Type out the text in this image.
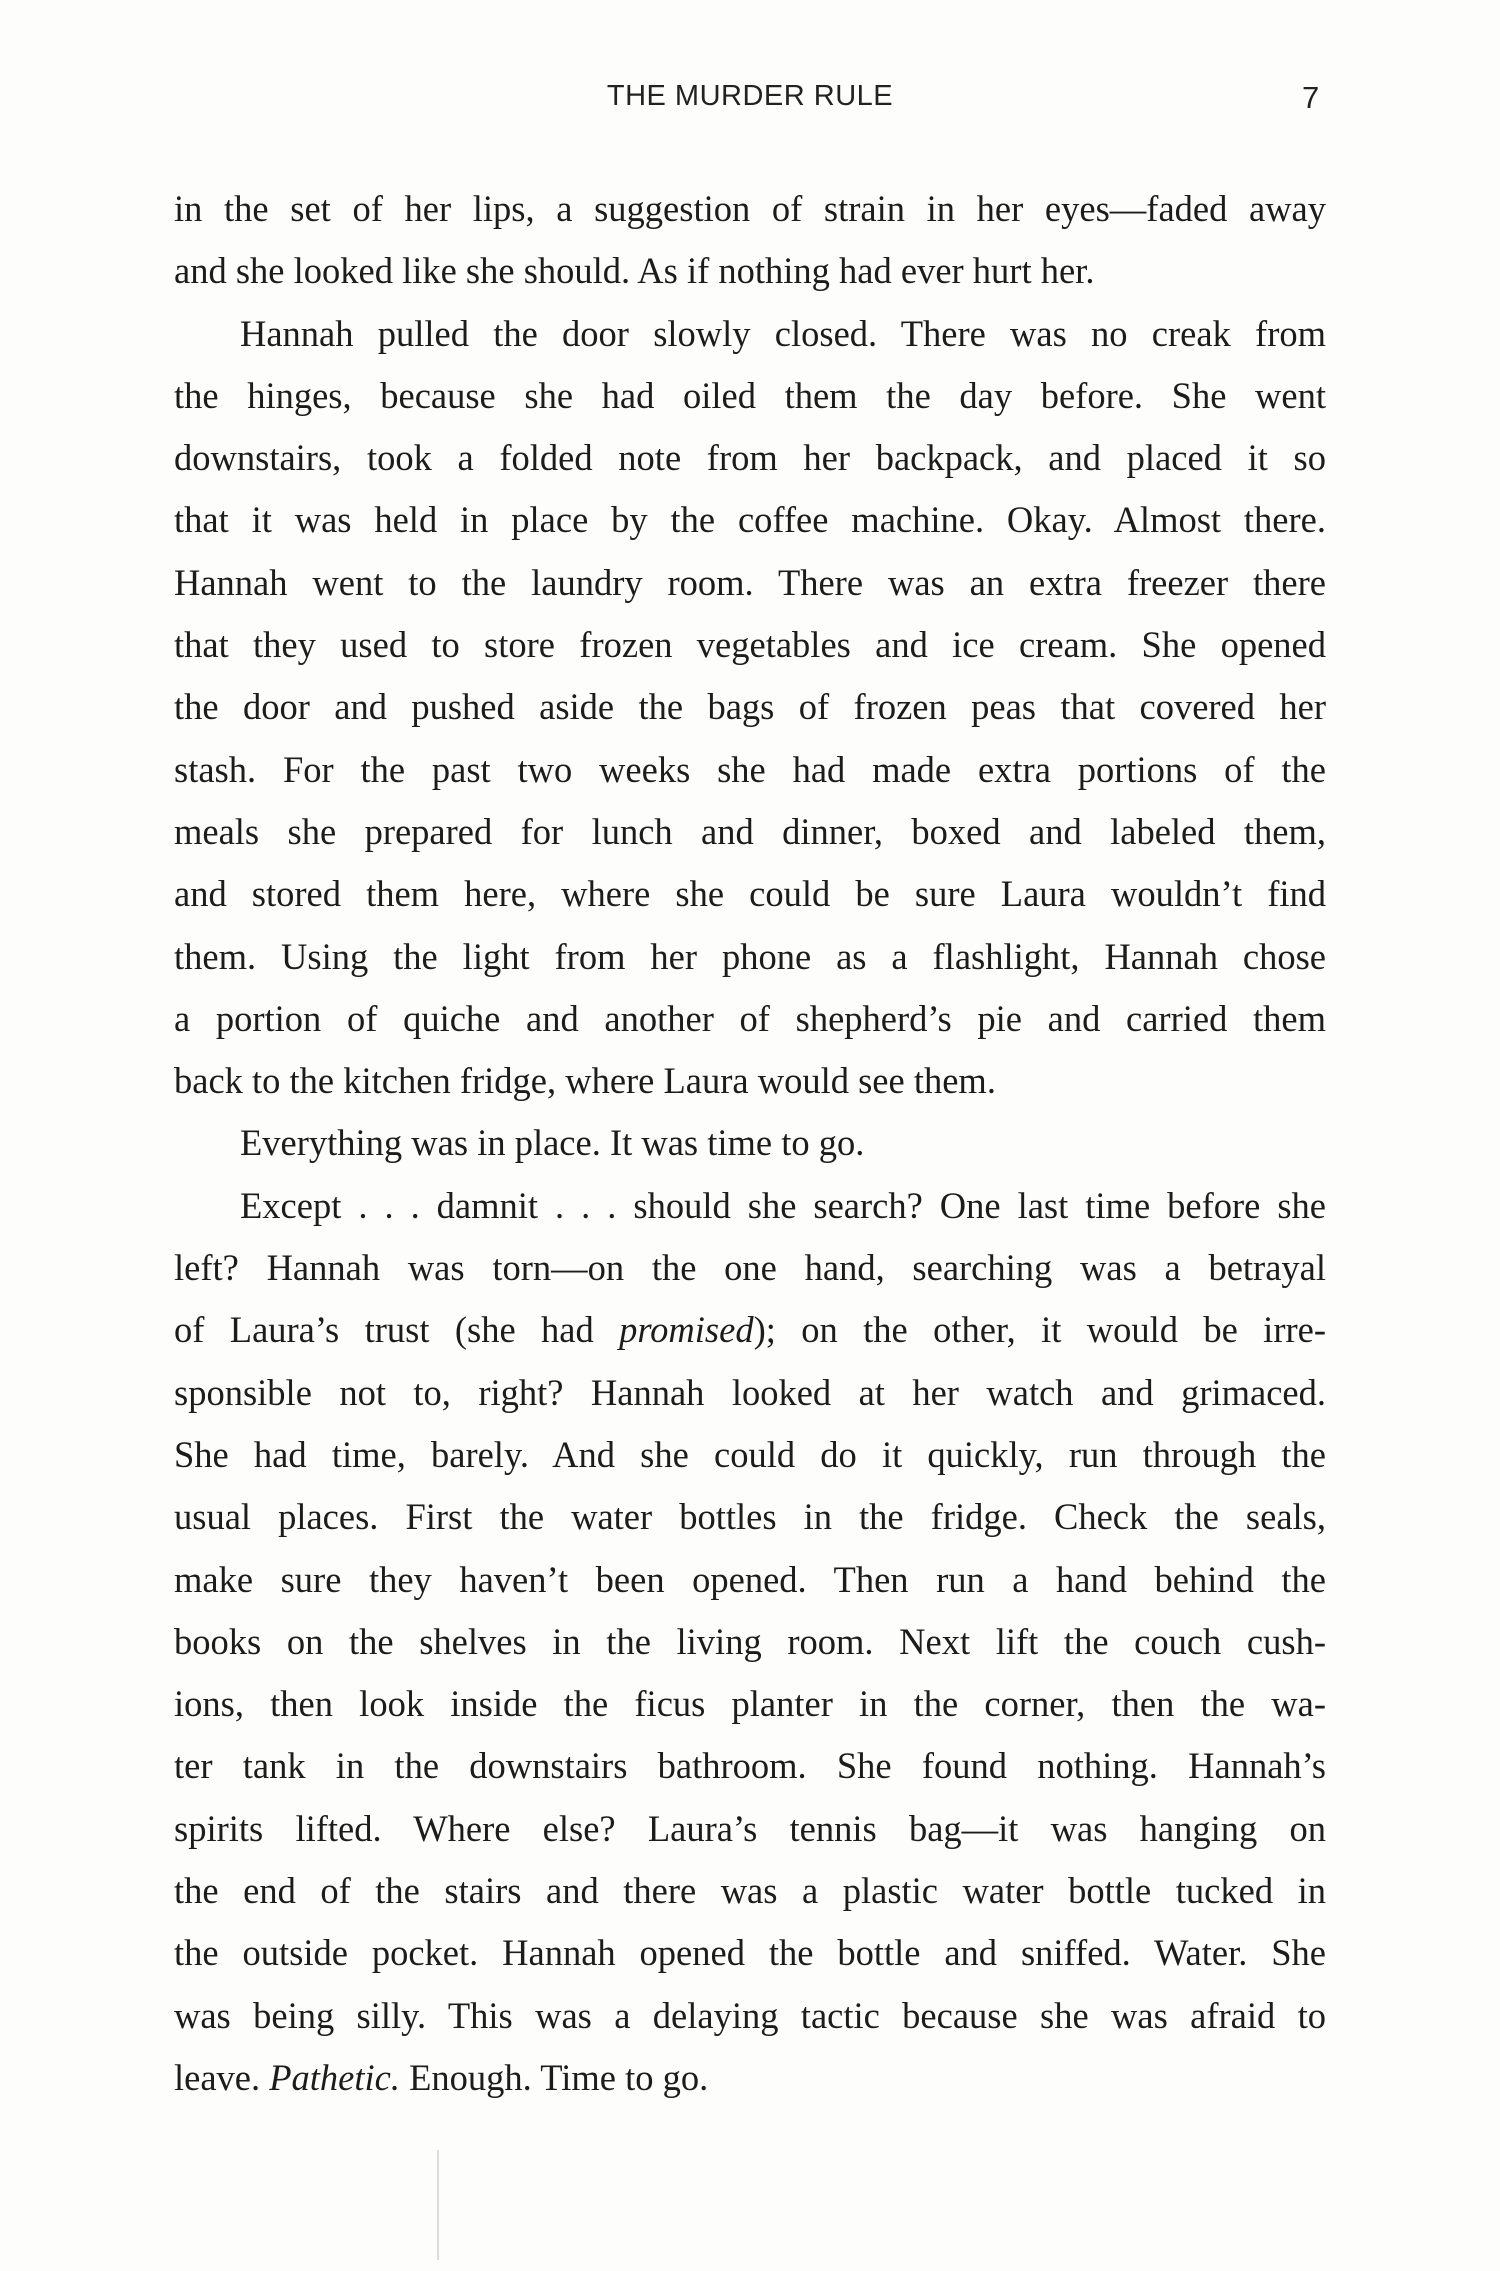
THE MURDER RULE	7
in the set of her lips, a suggestion of strain in her eyes—faded away
and she looked like she should. As if nothing had ever hurt her.
Hannah pulled the door slowly closed. There was no creak from
the hinges, because she had oiled them the day before. She went
downstairs, took a folded note from her backpack, and placed it so
that it was held in place by the coffee machine. Okay. Almost there.
Hannah went to the laundry room. There was an extra freezer there
that they used to store frozen vegetables and ice cream. She opened
the door and pushed aside the bags of frozen peas that covered her
stash. For the past two weeks she had made extra portions of the
meals she prepared for lunch and dinner, boxed and labeled them,
and stored them here, where she could be sure Laura wouldn’t find
them. Using the light from her phone as a flashlight, Hannah chose
a portion of quiche and another of shepherd’s pie and carried them
back to the kitchen fridge, where Laura would see them.
Everything was in place. It was time to go.
Except . . . damnit . . . should she search? One last time before she
left? Hannah was torn—on the one hand, searching was a betrayal
of Laura’s trust (she had promised); on the other, it would be irre-
sponsible not to, right? Hannah looked at her watch and grimaced.
She had time, barely. And she could do it quickly, run through the
usual places. First the water bottles in the fridge. Check the seals,
make sure they haven’t been opened. Then run a hand behind the
books on the shelves in the living room. Next lift the couch cush-
ions, then look inside the ficus planter in the corner, then the wa-
ter tank in the downstairs bathroom. She found nothing. Hannah’s
spirits lifted. Where else? Laura’s tennis bag—it was hanging on
the end of the stairs and there was a plastic water bottle tucked in
the outside pocket. Hannah opened the bottle and sniffed. Water. She
was being silly. This was a delaying tactic because she was afraid to
leave. Pathetic. Enough. Time to go.
